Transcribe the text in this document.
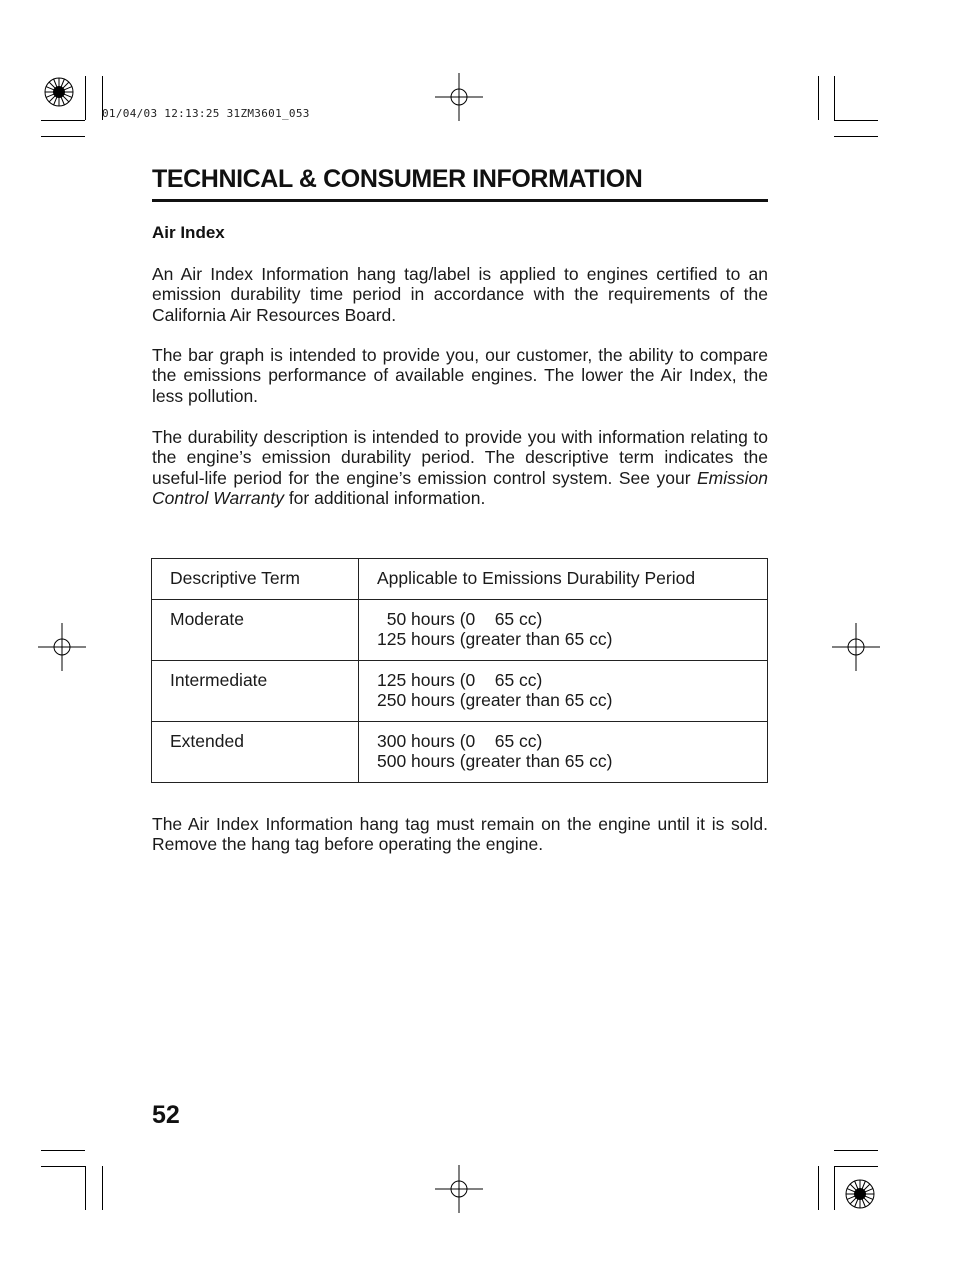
01/04/03 12:13:25 31ZM3601_053
TECHNICAL & CONSUMER INFORMATION
Air Index

An Air Index Information hang tag/label is applied to engines certified to an emission durability time period in accordance with the requirements of the California Air Resources Board.

The bar graph is intended to provide you, our customer, the ability to compare the emissions performance of available engines. The lower the Air Index, the less pollution.

The durability description is intended to provide you with information relating to the engine’s emission durability period. The descriptive term indicates the useful-life period for the engine’s emission control system. See your Emission Control Warranty for additional information.

Descriptive Term	Applicable to Emissions Durability Period
Moderate	50 hours (0    65 cc)
125 hours (greater than 65 cc)
Intermediate	125 hours (0    65 cc)
250 hours (greater than 65 cc)
Extended	300 hours (0    65 cc)
500 hours (greater than 65 cc)

The Air Index Information hang tag must remain on the engine until it is sold. Remove the hang tag before operating the engine.

52
